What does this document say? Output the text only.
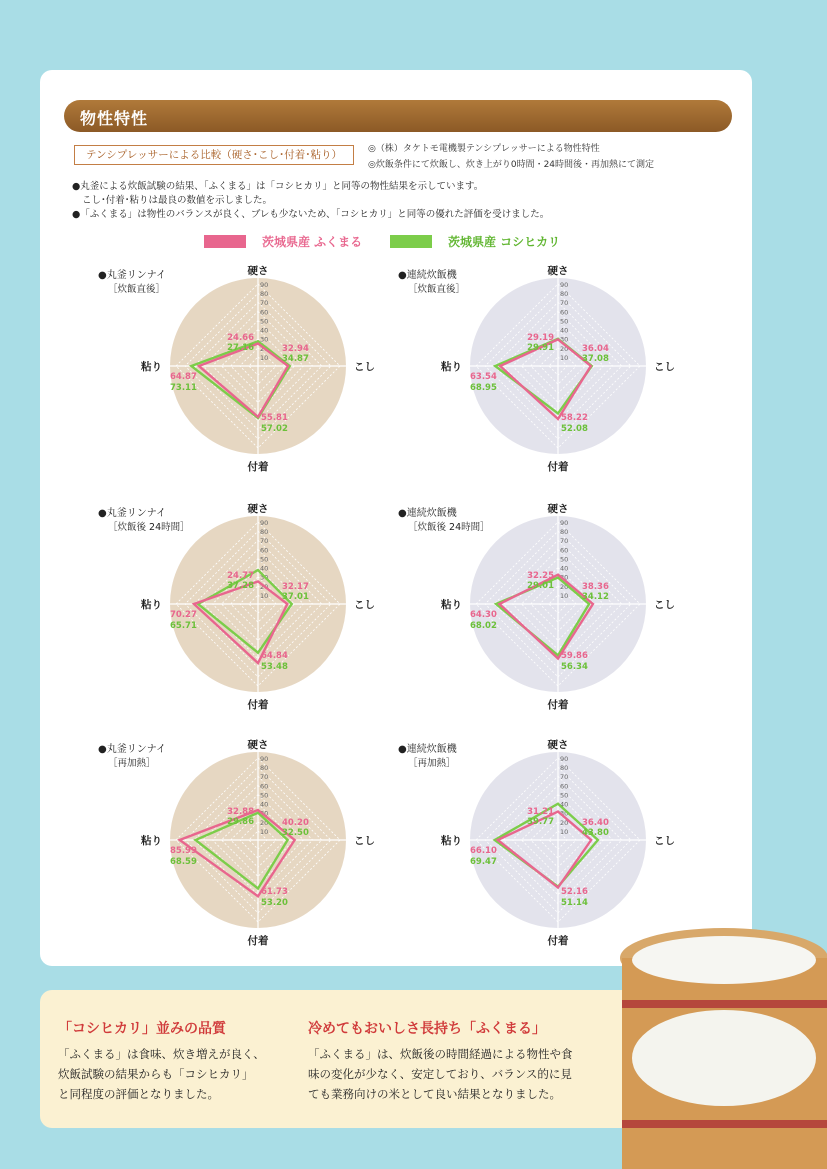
物性特性
テンシプレッサーによる比較（硬さ･こし･付着･粘り）	◎（株）タケトモ電機製テンシプレッサーによる物性特性
◎炊飯条件にて炊飯し、炊き上がり0時間・24時間後・再加熱にて測定
●丸釜による炊飯試験の結果、「ふくまる」は「コシヒカリ」と同等の物性結果を示しています。
こし･付着･粘りは最良の数値を示しました。
●「ふくまる」は物性のバランスが良く、ブレも少ないため、「コシヒカリ」と同等の優れた評価を受けました。
茨城県産 ふくまる	茨城県産 コシヒカリ
10
20
30
40
50
60
70
80
90
24.66
27.16	32.94
34.87
55.81
57.02
64.87
73.11
硬さ
こし
付着
粘り
●丸釜リンナイ
［炊飯直後］
10
20
30
40
50
60
70
80
90
29.19
29.91	36.04
37.08
58.22
52.08
63.54
68.95
硬さ
こし
付着
粘り
●連続炊飯機
［炊飯直後］
10
20
30
40
50
60
70
80
90
24.77
37.28	32.17
37.01
64.84
53.48
70.27
65.71
硬さ
こし
付着
粘り
●丸釜リンナイ
［炊飯後 24時間］
10
20
30
40
50
60
70
80
90
32.25
29.01	38.36
34.12
59.86
56.34
64.30
68.02
硬さ
こし
付着
粘り
●連続炊飯機
［炊飯後 24時間］
10
20
30
40
50
60
70
80
90
32.88
29.86	40.20
32.50
61.73
53.20
85.99
68.59
硬さ
こし
付着
粘り
●丸釜リンナイ
［再加熱］
10
20
30
40
50
60
70
80
90
31.21
39.77	36.40
43.80
52.16
51.14
66.10
69.47
硬さ
こし
付着
粘り
●連続炊飯機
［再加熱］
「コシヒカリ」並みの品質
「ふくまる」は食味、炊き増えが良く、
炊飯試験の結果からも「コシヒカリ」
と同程度の評価となりました。
冷めてもおいしさ長持ち「ふくまる」
「ふくまる」は、炊飯後の時間経過による物性や食
味の変化が少なく、安定しており、バランス的に見
ても業務向けの米として良い結果となりました。
